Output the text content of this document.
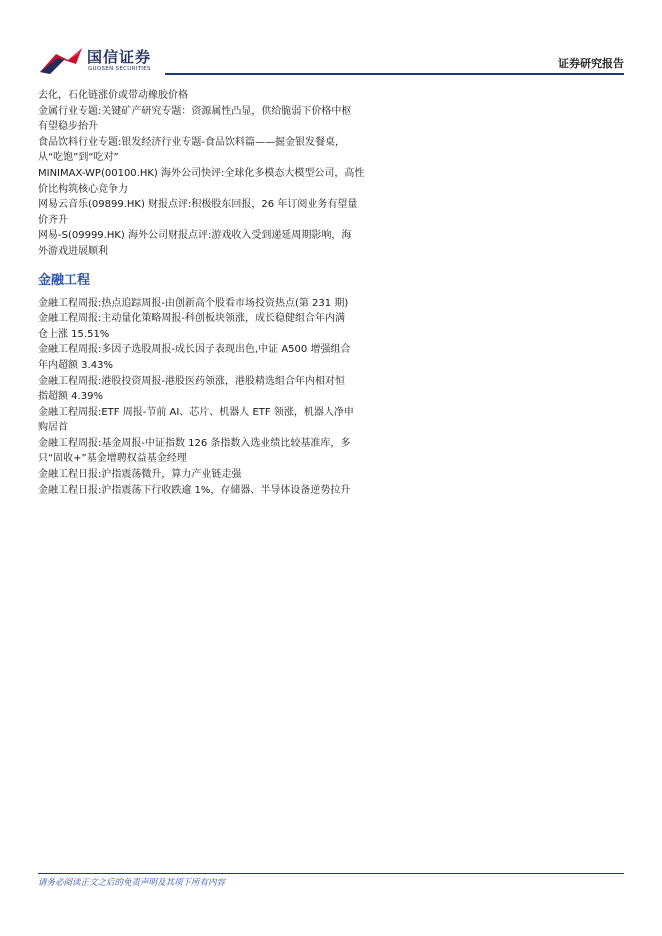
国信证券
GUOSEN SECURITIES	证券研究报告
去化，石化链涨价或带动橡胶价格
金属行业专题:关键矿产研究专题：资源属性凸显，供给脆弱下价格中枢
有望稳步抬升
食品饮料行业专题:银发经济行业专题-食品饮料篇——掘金银发餐桌，
从“吃饱”到“吃对”
MINIMAX-WP(00100.HK) 海外公司快评:全球化多模态大模型公司，高性
价比构筑核心竞争力
网易云音乐(09899.HK) 财报点评:积极股东回报，26 年订阅业务有望量
价齐升
网易-S(09999.HK) 海外公司财报点评:游戏收入受到递延周期影响，海
外游戏进展顺利
金融工程
金融工程周报:热点追踪周报-由创新高个股看市场投资热点(第 231 期)
金融工程周报:主动量化策略周报-科创板块领涨，成长稳健组合年内满
仓上涨 15.51%
金融工程周报:多因子选股周报-成长因子表现出色,中证 A500 增强组合
年内超额 3.43%
金融工程周报:港股投资周报-港股医药领涨，港股精选组合年内相对恒
指超额 4.39%
金融工程周报:ETF 周报-节前 AI、芯片、机器人 ETF 领涨，机器人净申
购居首
金融工程周报:基金周报-中证指数 126 条指数入选业绩比较基准库，多
只“固收+”基金增聘权益基金经理
金融工程日报:沪指震荡微升，算力产业链走强
金融工程日报:沪指震荡下行收跌逾 1%，存储器、半导体设备逆势拉升
请务必阅读正文之后的免责声明及其项下所有内容
